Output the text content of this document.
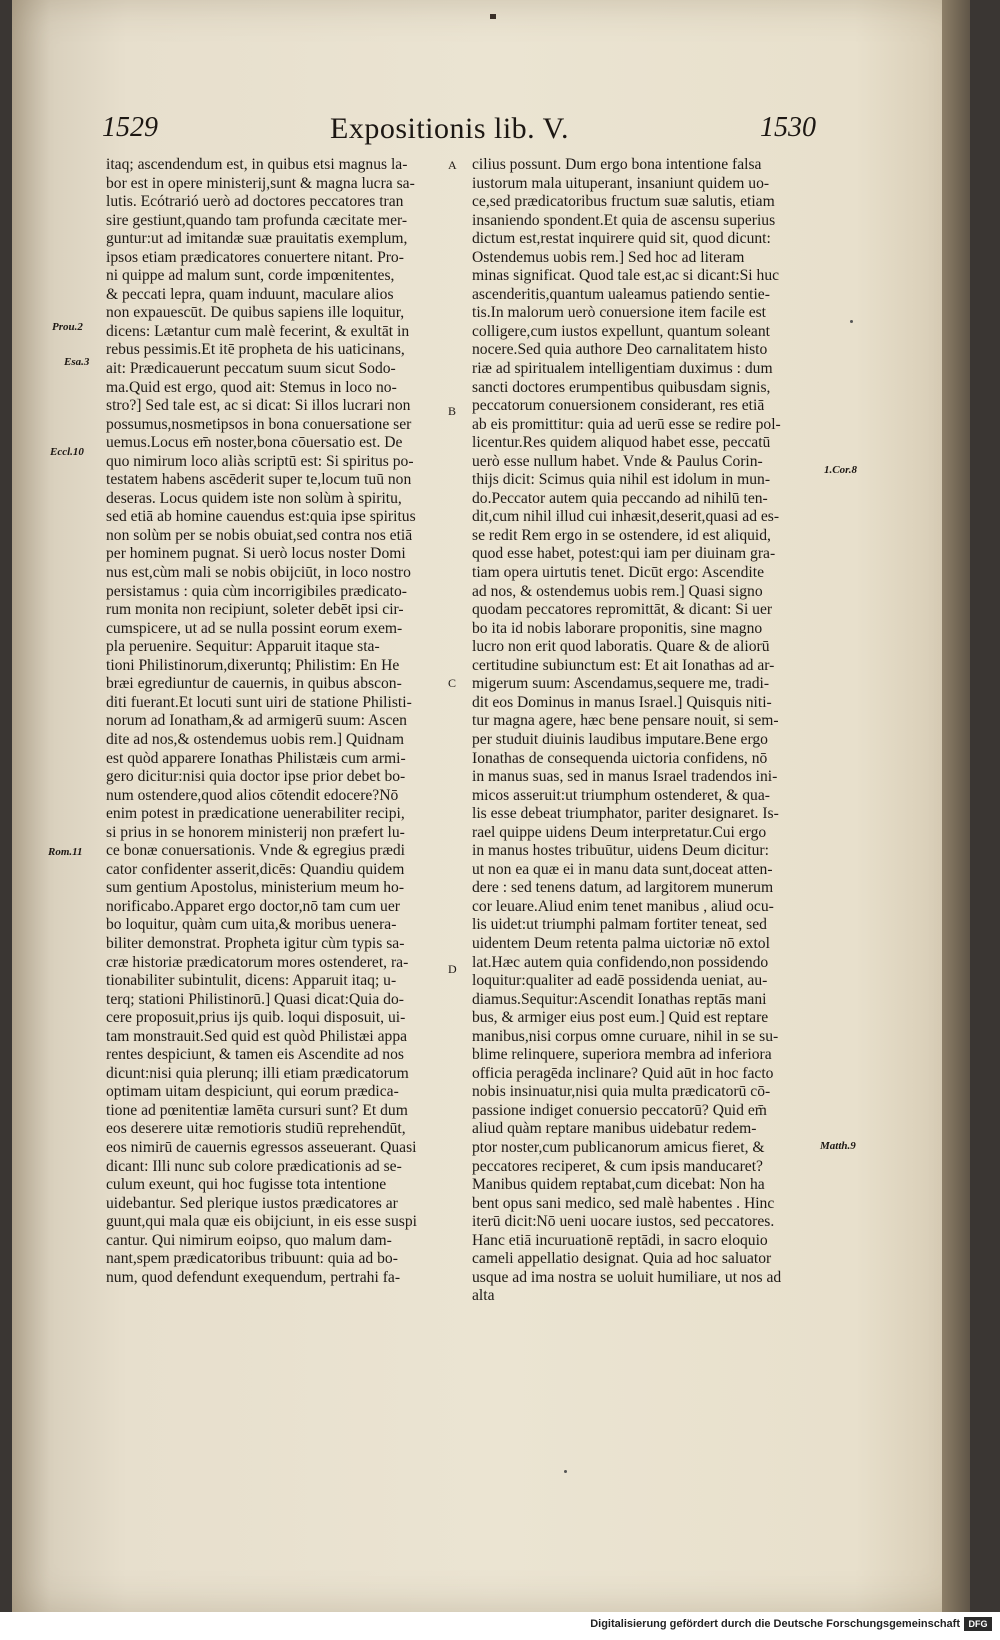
1529	Expositionis lib. V.	1530
itaq; ascendendum est, in quibus etsi magnus la-
bor est in opere ministerij,sunt & magna lucra sa-
lutis. Ecótrarió uerò ad doctores peccatores tran
sire gestiunt,quando tam profunda cæcitate mer-
guntur:ut ad imitandæ suæ prauitatis exemplum,
ipsos etiam prædicatores conuertere nitant. Pro-
ni quippe ad malum sunt, corde impœnitentes,
& peccati lepra, quam induunt, maculare alios
non expauescūt. De quibus sapiens ille loquitur,
dicens: Lætantur cum malè fecerint, & exultāt in
rebus pessimis.Et itē propheta de his uaticinans,
ait: Prædicauerunt peccatum suum sicut Sodo-
ma.Quid est ergo, quod ait: Stemus in loco no-
stro?] Sed tale est, ac si dicat: Si illos lucrari non
possumus,nosmetipsos in bona conuersatione ser
uemus.Locus em̄ noster,bona cōuersatio est. De
quo nimirum loco aliàs scriptū est: Si spiritus po-
testatem habens ascēderit super te,locum tuū non
deseras. Locus quidem iste non solùm à spiritu,
sed etiā ab homine cauendus est:quia ipse spiritus
non solùm per se nobis obuiat,sed contra nos etiā
per hominem pugnat. Si uerò locus noster Domi
nus est,cùm mali se nobis obijciūt, in loco nostro
persistamus : quia cùm incorrigibiles prædicato-
rum monita non recipiunt, soleter debēt ipsi cir-
cumspicere, ut ad se nulla possint eorum exem-
pla peruenire. Sequitur: Apparuit itaque sta-
tioni Philistinorum,dixeruntq; Philistim: En He
bræi egrediuntur de cauernis, in quibus abscon-
diti fuerant.Et locuti sunt uiri de statione Philisti-
norum ad Ionatham,& ad armigerū suum: Ascen
dite ad nos,& ostendemus uobis rem.] Quidnam
est quòd apparere Ionathas Philistæis cum armi-
gero dicitur:nisi quia doctor ipse prior debet bo-
num ostendere,quod alios cōtendit edocere?Nō
enim potest in prædicatione uenerabiliter recipi,
si prius in se honorem ministerij non præfert lu-
ce bonæ conuersationis. Vnde & egregius prædi
cator confidenter asserit,dicēs: Quandiu quidem
sum gentium Apostolus, ministerium meum ho-
norificabo.Apparet ergo doctor,nō tam cum uer
bo loquitur, quàm cum uita,& moribus uenera-
biliter demonstrat. Propheta igitur cùm typis sa-
cræ historiæ prædicatorum mores ostenderet, ra-
tionabiliter subintulit, dicens: Apparuit itaq; u-
terq; stationi Philistinorū.] Quasi dicat:Quia do-
cere proposuit,prius ijs quib. loqui disposuit, ui-
tam monstrauit.Sed quid est quòd Philistæi appa
rentes despiciunt, & tamen eis Ascendite ad nos
dicunt:nisi quia plerunq; illi etiam prædicatorum
optimam uitam despiciunt, qui eorum prædica-
tione ad pœnitentiæ lamēta cursuri sunt? Et dum
eos deserere uitæ remotioris studiū reprehendūt,
eos nimirū de cauernis egressos asseuerant. Quasi
dicant: Illi nunc sub colore prædicationis ad se-
culum exeunt, qui hoc fugisse tota intentione
uidebantur. Sed plerique iustos prædicatores ar
guunt,qui mala quæ eis obijciunt, in eis esse suspi
cantur. Qui nimirum eoipso, quo malum dam-
nant,spem prædicatoribus tribuunt: quia ad bo-
num, quod defendunt exequendum, pertrahi fa-
cilius possunt. Dum ergo bona intentione falsa
iustorum mala uituperant, insaniunt quidem uo-
ce,sed prædicatoribus fructum suæ salutis, etiam
insaniendo spondent.Et quia de ascensu superius
dictum est,restat inquirere quid sit, quod dicunt:
Ostendemus uobis rem.] Sed hoc ad literam
minas significat. Quod tale est,ac si dicant:Si huc
ascenderitis,quantum ualeamus patiendo sentie-
tis.In malorum uerò conuersione item facile est
colligere,cum iustos expellunt, quantum soleant
nocere.Sed quia authore Deo carnalitatem histo
riæ ad spiritualem intelligentiam duximus : dum
sancti doctores erumpentibus quibusdam signis,
peccatorum conuersionem considerant, res etiā
ab eis promittitur: quia ad uerū esse se redire pol-
licentur.Res quidem aliquod habet esse, peccatū
uerò esse nullum habet. Vnde & Paulus Corin-
thijs dicit: Scimus quia nihil est idolum in mun-
do.Peccator autem quia peccando ad nihilū ten-
dit,cum nihil illud cui inhæsit,deserit,quasi ad es-
se redit Rem ergo in se ostendere, id est aliquid,
quod esse habet, potest:qui iam per diuinam gra-
tiam opera uirtutis tenet. Dicūt ergo: Ascendite
ad nos, & ostendemus uobis rem.] Quasi signo
quodam peccatores repromittāt, & dicant: Si uer
bo ita id nobis laborare proponitis, sine magno
lucro non erit quod laboratis. Quare & de aliorū
certitudine subiunctum est: Et ait Ionathas ad ar-
migerum suum: Ascendamus,sequere me, tradi-
dit eos Dominus in manus Israel.] Quisquis niti-
tur magna agere, hæc bene pensare nouit, si sem-
per studuit diuinis laudibus imputare.Bene ergo
Ionathas de consequenda uictoria confidens, nō
in manus suas, sed in manus Israel tradendos ini-
micos asseruit:ut triumphum ostenderet, & qua-
lis esse debeat triumphator, pariter designaret. Is-
rael quippe uidens Deum interpretatur.Cui ergo
in manus hostes tribuūtur, uidens Deum dicitur:
ut non ea quæ ei in manu data sunt,doceat atten-
dere : sed tenens datum, ad largitorem munerum
cor leuare.Aliud enim tenet manibus , aliud ocu-
lis uidet:ut triumphi palmam fortiter teneat, sed
uidentem Deum retenta palma uictoriæ nō extol
lat.Hæc autem quia confidendo,non possidendo
loquitur:qualiter ad eadē possidenda ueniat, au-
diamus.Sequitur:Ascendit Ionathas reptās mani
bus, & armiger eius post eum.] Quid est reptare
manibus,nisi corpus omne curuare, nihil in se su-
blime relinquere, superiora membra ad inferiora
officia peragēda inclinare? Quid aūt in hoc facto
nobis insinuatur,nisi quia multa prædicatorū cō-
passione indiget conuersio peccatorū? Quid em̄
aliud quàm reptare manibus uidebatur redem-
ptor noster,cum publicanorum amicus fieret, &
peccatores reciperet, & cum ipsis manducaret?
Manibus quidem reptabat,cum dicebat: Non ha
bent opus sani medico, sed malè habentes . Hinc
iterū dicit:Nō ueni uocare iustos, sed peccatores.
Hanc etiā incuruationē reptādi, in sacro eloquio
cameli appellatio designat. Quia ad hoc saluator
usque ad ima nostra se uoluit humiliare, ut nos ad
alta
Prou.2
Esa.3
Eccl.10
Rom.11
1.Cor.8
Matth.9
A
B
C
D
Digitalisierung gefördert durch die Deutsche Forschungsgemeinschaft DFG
